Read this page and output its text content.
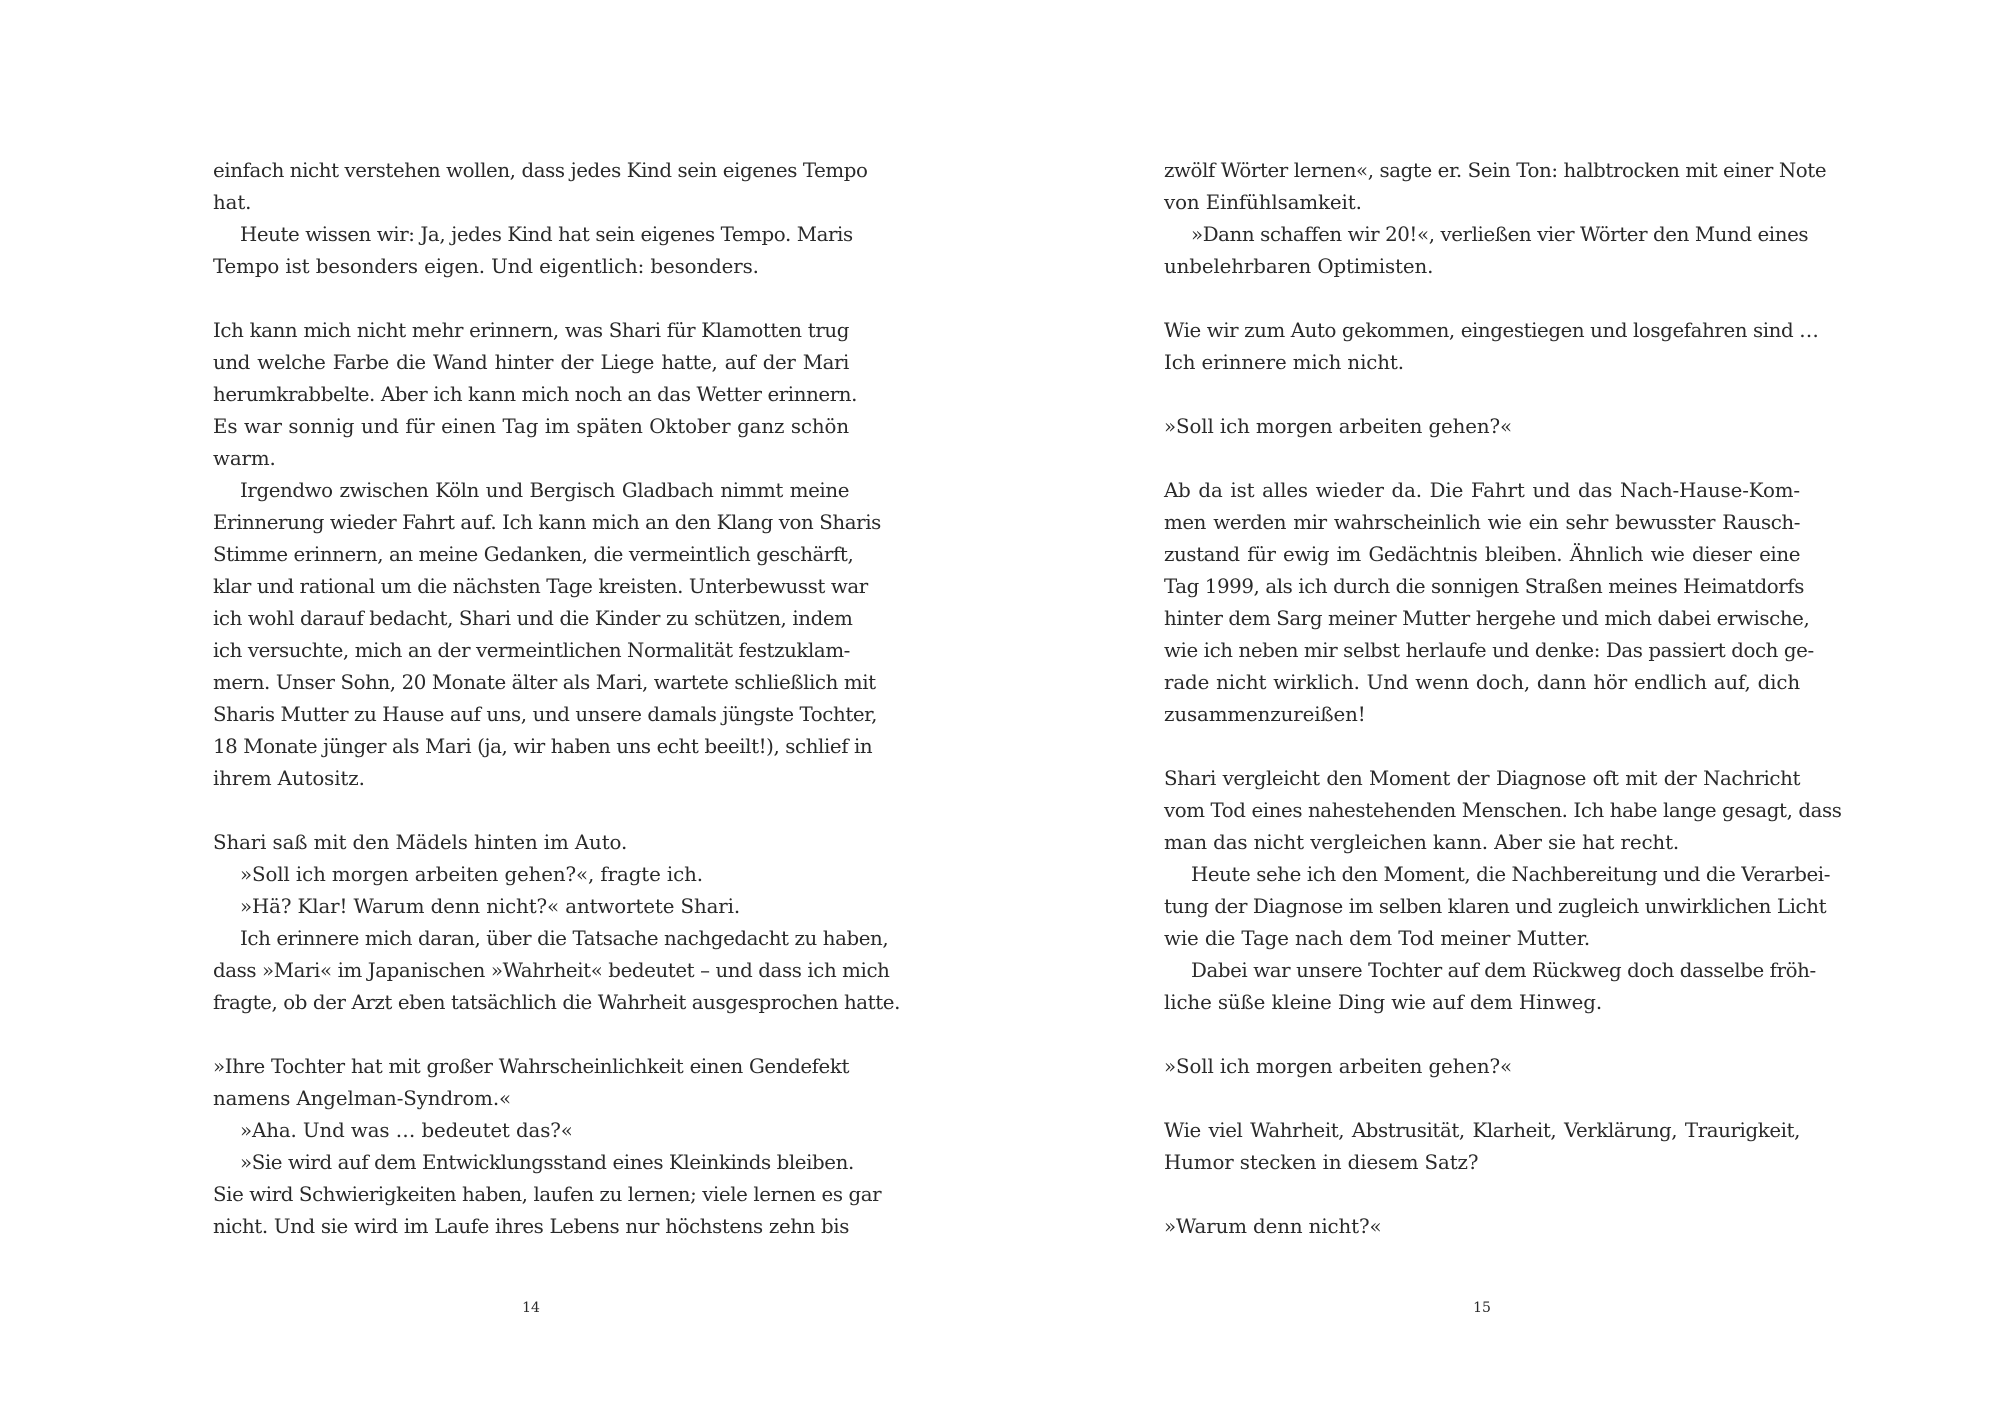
einfach nicht verstehen wollen, dass jedes Kind sein eigenes Tempo
hat.
Heute wissen wir: Ja, jedes Kind hat sein eigenes Tempo. Maris
Tempo ist besonders eigen. Und eigentlich: besonders.
Ich kann mich nicht mehr erinnern, was Shari für Klamotten trug
und welche Farbe die Wand hinter der Liege hatte, auf der Mari
herumkrabbelte. Aber ich kann mich noch an das Wetter erinnern.
Es war sonnig und für einen Tag im späten Oktober ganz schön
warm.
Irgendwo zwischen Köln und Bergisch Gladbach nimmt meine
Erinnerung wieder Fahrt auf. Ich kann mich an den Klang von Sharis
Stimme erinnern, an meine Gedanken, die vermeintlich geschärft,
klar und rational um die nächsten Tage kreisten. Unterbewusst war
ich wohl darauf bedacht, Shari und die Kinder zu schützen, indem
ich versuchte, mich an der vermeintlichen Normalität festzuklam-
mern. Unser Sohn, 20 Monate älter als Mari, wartete schließlich mit
Sharis Mutter zu Hause auf uns, und unsere damals jüngste Tochter,
18 Monate jünger als Mari (ja, wir haben uns echt beeilt!), schlief in
ihrem Autositz.
Shari saß mit den Mädels hinten im Auto.
»Soll ich morgen arbeiten gehen?«, fragte ich.
»Hä? Klar! Warum denn nicht?« antwortete Shari.
Ich erinnere mich daran, über die Tatsache nachgedacht zu haben,
dass »Mari« im Japanischen »Wahrheit« bedeutet – und dass ich mich
fragte, ob der Arzt eben tatsächlich die Wahrheit ausgesprochen hatte.
»Ihre Tochter hat mit großer Wahrscheinlichkeit einen Gendefekt
namens Angelman-Syndrom.«
»Aha. Und was … bedeutet das?«
»Sie wird auf dem Entwicklungsstand eines Kleinkinds bleiben.
Sie wird Schwierigkeiten haben, laufen zu lernen; viele lernen es gar
nicht. Und sie wird im Laufe ihres Lebens nur höchstens zehn bis
14
zwölf Wörter lernen«, sagte er. Sein Ton: halbtrocken mit einer Note
von Einfühlsamkeit.
»Dann schaffen wir 20!«, verließen vier Wörter den Mund eines
unbelehrbaren Optimisten.
Wie wir zum Auto gekommen, eingestiegen und losgefahren sind …
Ich erinnere mich nicht.
»Soll ich morgen arbeiten gehen?«
Ab da ist alles wieder da. Die Fahrt und das Nach-Hause-Kom-
men werden mir wahrscheinlich wie ein sehr bewusster Rausch-
zustand für ewig im Gedächtnis bleiben. Ähnlich wie dieser eine
Tag 1999, als ich durch die sonnigen Straßen meines Heimatdorfs
hinter dem Sarg meiner Mutter hergehe und mich dabei erwische,
wie ich neben mir selbst herlaufe und denke: Das passiert doch ge-
rade nicht wirklich. Und wenn doch, dann hör endlich auf, dich
zusammenzureißen!
Shari vergleicht den Moment der Diagnose oft mit der Nachricht
vom Tod eines nahestehenden Menschen. Ich habe lange gesagt, dass
man das nicht vergleichen kann. Aber sie hat recht.
Heute sehe ich den Moment, die Nachbereitung und die Verarbei-
tung der Diagnose im selben klaren und zugleich unwirklichen Licht
wie die Tage nach dem Tod meiner Mutter.
Dabei war unsere Tochter auf dem Rückweg doch dasselbe fröh-
liche süße kleine Ding wie auf dem Hinweg.
»Soll ich morgen arbeiten gehen?«
Wie viel Wahrheit, Abstrusität, Klarheit, Verklärung, Traurigkeit,
Humor stecken in diesem Satz?
»Warum denn nicht?«
15
